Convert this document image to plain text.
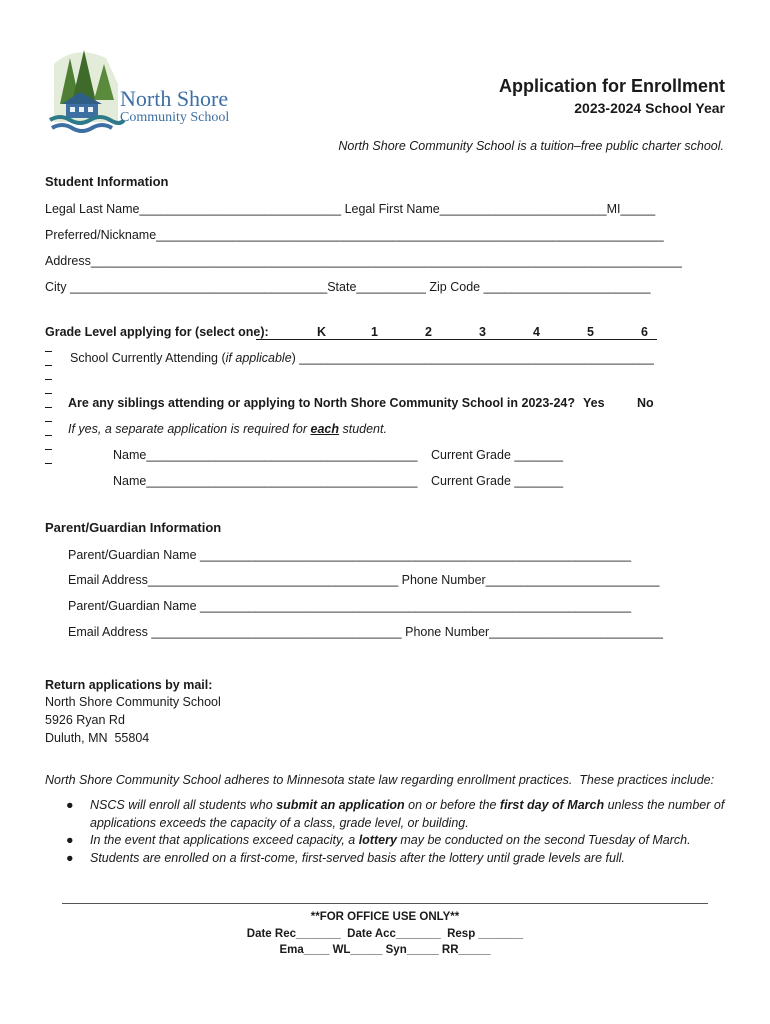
North Shore
Community School
Application for Enrollment
2023-2024 School Year
North Shore Community School is a tuition–free public charter school.
Student Information
Legal Last Name_____________________________ Legal First Name________________________MI_____
Preferred/Nickname_________________________________________________________________________
Address_____________________________________________________________________________________
City _____________________________________State__________ Zip Code ________________________

Grade Level applying for (select one):

	K

	1

	2

	3

	4

	5

	6

School Currently Attending (if applicable) ___________________________________________________
Are any siblings attending or applying to North Shore Community School in 2023-24? Yes	No
If yes, a separate application is required for each student.
Name_______________________________________ Current Grade _______
Name_______________________________________ Current Grade _______
Parent/Guardian Information
Parent/Guardian Name ______________________________________________________________
Email Address____________________________________ Phone Number_________________________
Parent/Guardian Name ______________________________________________________________
Email Address ____________________________________ Phone Number_________________________
Return applications by mail:
North Shore Community School
5926 Ryan Rd
Duluth, MN  55804
North Shore Community School adheres to Minnesota state law regarding enrollment practices.  These practices include:
● NSCS will enroll all students who submit an application on or before the first day of March unless the number of applications exceeds the capacity of a class, grade level, or building.
● In the event that applications exceed capacity, a lottery may be conducted on the second Tuesday of March.
● Students are enrolled on a first-come, first-served basis after the lottery until grade levels are full.
**FOR OFFICE USE ONLY**
Date Rec_______  Date Acc_______  Resp _______
Ema____ WL_____ Syn_____ RR_____
